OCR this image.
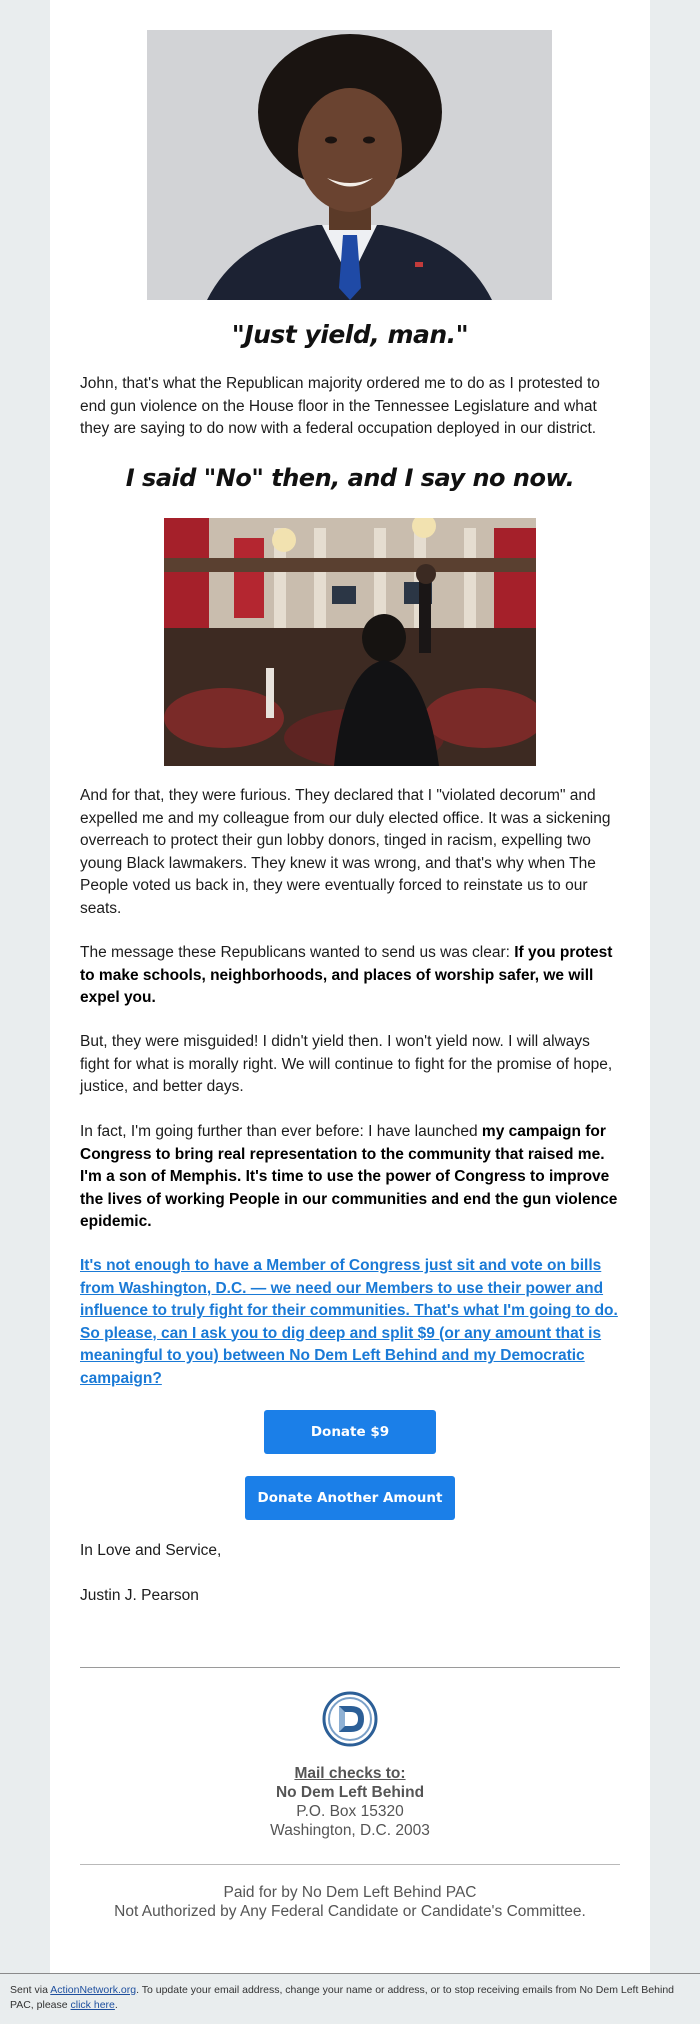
"Just yield, man."
John, that's what the Republican majority ordered me to do as I protested to end gun violence on the House floor in the Tennessee Legislature and what they are saying to do now with a federal occupation deployed in our district.
I said "No" then, and I say no now.
And for that, they were furious. They declared that I "violated decorum" and expelled me and my colleague from our duly elected office. It was a sickening overreach to protect their gun lobby donors, tinged in racism, expelling two young Black lawmakers. They knew it was wrong, and that's why when The People voted us back in, they were eventually forced to reinstate us to our seats.
The message these Republicans wanted to send us was clear: If you protest to make schools, neighborhoods, and places of worship safer, we will expel you.
But, they were misguided! I didn't yield then. I won't yield now. I will always fight for what is morally right. We will continue to fight for the promise of hope, justice, and better days.
In fact, I'm going further than ever before: I have launched my campaign for Congress to bring real representation to the community that raised me. I'm a son of Memphis. It's time to use the power of Congress to improve the lives of working People in our communities and end the gun violence epidemic.
It's not enough to have a Member of Congress just sit and vote on bills from Washington, D.C. — we need our Members to use their power and influence to truly fight for their communities. That's what I'm going to do. So please, can I ask you to dig deep and split $9 (or any amount that is meaningful to you) between No Dem Left Behind and my Democratic campaign?
Donate $9
Donate Another Amount
In Love and Service,
Justin J. Pearson
Mail checks to:
No Dem Left Behind
P.O. Box 15320
Washington, D.C. 2003
Paid for by No Dem Left Behind PAC
Not Authorized by Any Federal Candidate or Candidate's Committee.
Sent via ActionNetwork.org. To update your email address, change your name or address, or to stop receiving emails from No Dem Left Behind PAC, please click here.
